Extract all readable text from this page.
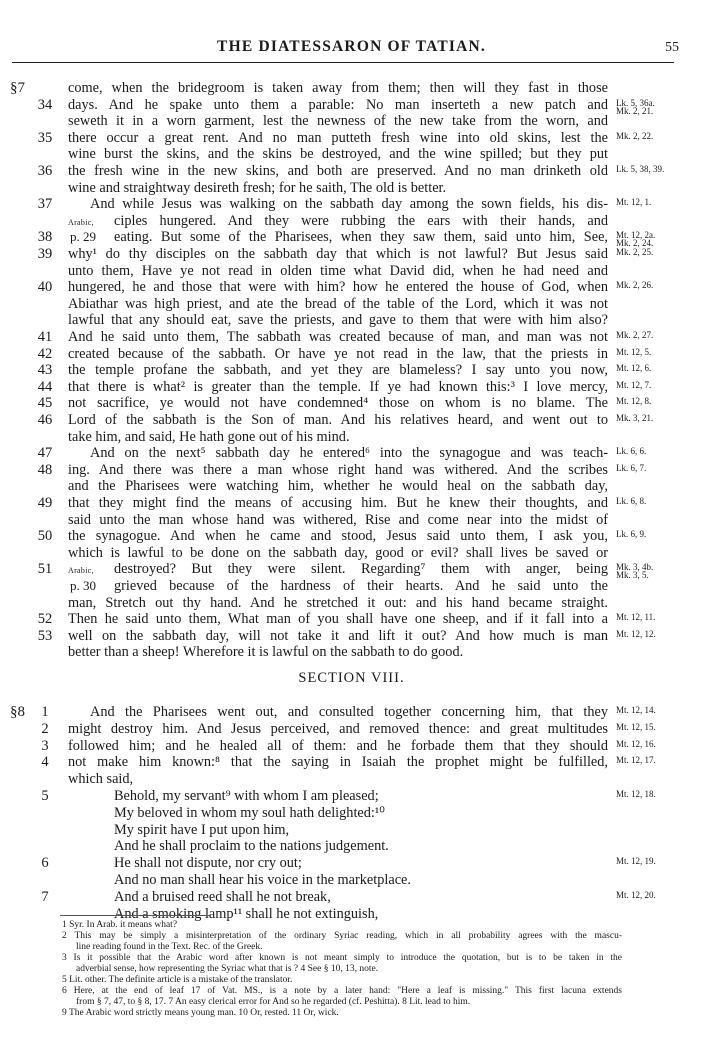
THE DIATESSARON OF TATIAN.	55
§7	come, when the bridegroom is taken away from them; then will they fast in those
34	days. And he spake unto them a parable: No man inserteth a new patch and Lk. 5, 36a.
Mk. 2, 21.
seweth it in a worn garment, lest the newness of the new take from the worn, and
35	there occur a great rent. And no man putteth fresh wine into old skins, lest the Mk. 2, 22.
wine burst the skins, and the skins be destroyed, and the wine spilled; but they put
36	the fresh wine in the new skins, and both are preserved. And no man drinketh old Lk. 5, 38, 39.
wine and straightway desireth fresh; for he saith, The old is better.
37	And while Jesus was walking on the sabbath day among the sown fields, his dis- Mt. 12, 1.
Arabic, ciples hungered. And they were rubbing the ears with their hands, and
38	p. 29 eating. But some of the Pharisees, when they saw them, said unto him, See, Mt. 12, 2a.
Mk. 2, 24.
39	why¹ do thy disciples on the sabbath day that which is not lawful? But Jesus said Mk. 2, 25.
unto them, Have ye not read in olden time what David did, when he had need and
40	hungered, he and those that were with him? how he entered the house of God, when Mk. 2, 26.
Abiathar was high priest, and ate the bread of the table of the Lord, which it was not
lawful that any should eat, save the priests, and gave to them that were with him also?
41	And he said unto them, The sabbath was created because of man, and man was not Mk. 2, 27.
42	created because of the sabbath. Or have ye not read in the law, that the priests in Mt. 12, 5.
43	the temple profane the sabbath, and yet they are blameless? I say unto you now, Mt. 12, 6.
44	that there is what² is greater than the temple. If ye had known this:³ I love mercy, Mt. 12, 7.
45	not sacrifice, ye would not have condemned⁴ those on whom is no blame. The Mt. 12, 8.
46	Lord of the sabbath is the Son of man. And his relatives heard, and went out to Mk. 3, 21.
take him, and said, He hath gone out of his mind.
47	And on the next⁵ sabbath day he entered⁶ into the synagogue and was teach- Lk. 6, 6.
48	ing. And there was there a man whose right hand was withered. And the scribes Lk. 6, 7.
and the Pharisees were watching him, whether he would heal on the sabbath day,
49	that they might find the means of accusing him. But he knew their thoughts, and Lk. 6, 8.
said unto the man whose hand was withered, Rise and come near into the midst of
50	the synagogue. And when he came and stood, Jesus said unto them, I ask you, Lk. 6, 9.
which is lawful to be done on the sabbath day, good or evil? shall lives be saved or
51	Arabic, destroyed? But they were silent. Regarding⁷ them with anger, being Mk. 3, 4b.
Mk. 3, 5.
p. 30 grieved because of the hardness of their hearts. And he said unto the
man, Stretch out thy hand. And he stretched it out: and his hand became straight.
52	Then he said unto them, What man of you shall have one sheep, and if it fall into a Mt. 12, 11.
53	well on the sabbath day, will not take it and lift it out? And how much is man Mt. 12, 12.
better than a sheep! Wherefore it is lawful on the sabbath to do good.
SECTION VIII.
§8	1	And the Pharisees went out, and consulted together concerning him, that they Mt. 12, 14.
2	might destroy him. And Jesus perceived, and removed thence: and great multitudes Mt. 12, 15.
3	followed him; and he healed all of them: and he forbade them that they should Mt. 12, 16.
4	not make him known:⁸ that the saying in Isaiah the prophet might be fulfilled, Mt. 12, 17.
which said,
5	Behold, my servant⁹ with whom I am pleased;	Mt. 12, 18.
My beloved in whom my soul hath delighted:¹⁰
My spirit have I put upon him,
And he shall proclaim to the nations judgement.
6	He shall not dispute, nor cry out;	Mt. 12, 19.
And no man shall hear his voice in the marketplace.
7	And a bruised reed shall he not break,	Mt. 12, 20.
And a smoking lamp¹¹ shall he not extinguish,
1 Syr. In Arab. it means what?
2 This may be simply a misinterpretation of the ordinary Syriac reading, which in all probability agrees with the mascu-
line reading found in the Text. Rec. of the Greek.
3 Is it possible that the Arabic word after known is not meant simply to introduce the quotation, but is to be taken in the
adverbial sense, how representing the Syriac what that is ? 4 See § 10, 13, note.
5 Lit. other. The definite article is a mistake of the translator.
6 Here, at the end of leaf 17 of Vat. MS., is a note by a later hand: "Here a leaf is missing." This first lacuna extends
from § 7, 47, to § 8, 17. 7 An easy clerical error for And so he regarded (cf. Peshitta). 8 Lit. lead to him.
9 The Arabic word strictly means young man. 10 Or, rested. 11 Or, wick.
